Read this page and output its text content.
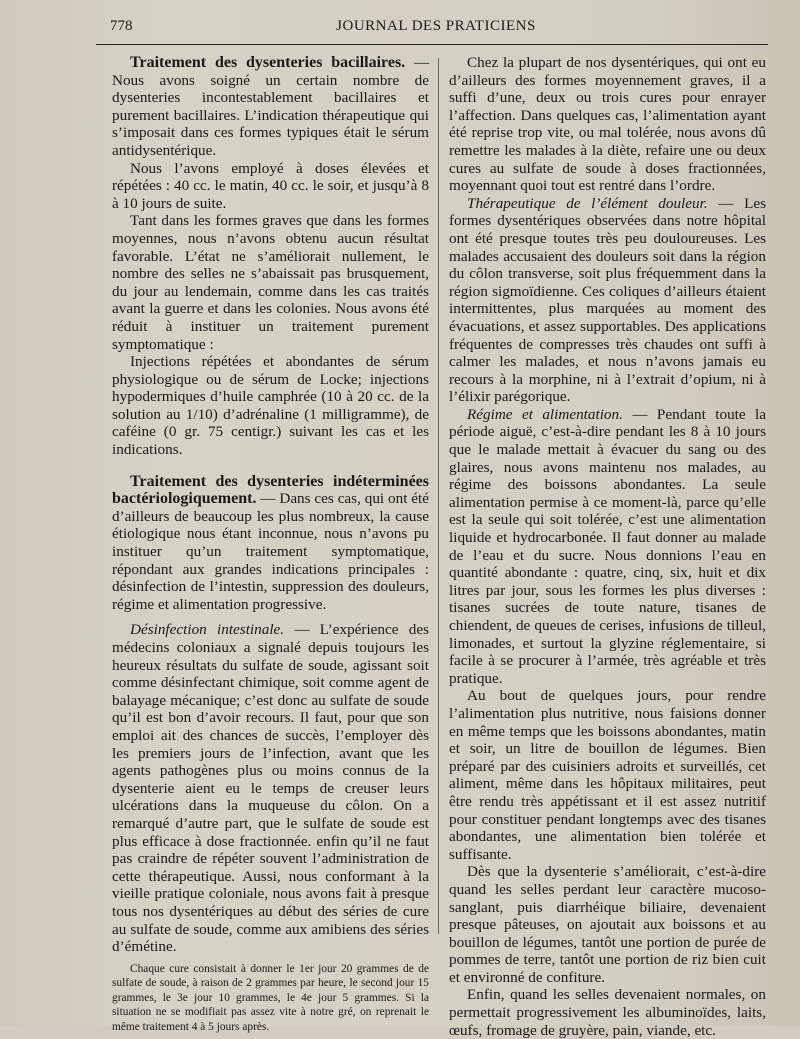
778	JOURNAL DES PRATICIENS

Traitement des dysenteries bacillaires. — Nous avons soigné un certain nombre de dysenteries incontestablement bacillaires et purement bacillaires. L’indication thérapeutique qui s’imposait dans ces formes typiques était le sérum antidysentérique.

Nous l’avons employé à doses élevées et répétées : 40 cc. le matin, 40 cc. le soir, et jusqu’à 8 à 10 jours de suite.

Tant dans les formes graves que dans les formes moyennes, nous n’avons obtenu aucun résultat favorable. L’état ne s’améliorait nullement, le nombre des selles ne s’abaissait pas brusquement, du jour au lendemain, comme dans les cas traités avant la guerre et dans les colonies. Nous avons été réduit à instituer un traitement purement symptomatique :

Injections répétées et abondantes de sérum physiologique ou de sérum de Locke; injections hypodermiques d’huile camphrée (10 à 20 cc. de la solution au 1/10) d’adrénaline (1 milligramme), de caféine (0 gr. 75 centigr.) suivant les cas et les indications.

Traitement des dysenteries indéterminées bactériologiquement. — Dans ces cas, qui ont été d’ailleurs de beaucoup les plus nombreux, la cause étiologique nous étant inconnue, nous n’avons pu instituer qu’un traitement symptomatique, répondant aux grandes indications principales : désinfection de l’intestin, suppression des douleurs, régime et alimentation progressive.

Désinfection intestinale. — L’expérience des médecins coloniaux a signalé depuis toujours les heureux résultats du sulfate de soude, agissant soit comme désinfectant chimique, soit comme agent de balayage mécanique; c’est donc au sulfate de soude qu’il est bon d’avoir recours. Il faut, pour que son emploi ait des chances de succès, l’employer dès les premiers jours de l’infection, avant que les agents pathogènes plus ou moins connus de la dysenterie aient eu le temps de creuser leurs ulcérations dans la muqueuse du côlon. On a remarqué d’autre part, que le sulfate de soude est plus efficace à dose fractionnée. enfin qu’il ne faut pas craindre de répéter souvent l’administration de cette thérapeutique. Aussi, nous conformant à la vieille pratique coloniale, nous avons fait à presque tous nos dysentériques au début des séries de cure au sulfate de soude, comme aux amibiens des séries d’émétine.

Chaque cure consistait à donner le 1er jour 20 grammes de de sulfate de soude, à raison de 2 grammes par heure, le second jour 15 grammes, le 3e jour 10 grammes, le 4e jour 5 grammes. Si la situation ne se modifiait pas assez vite à notre gré, on reprenait le même traitement 4 à 5 jours après.

Chez la plupart de nos dysentériques, qui ont eu d’ailleurs des formes moyennement graves, il a suffi d’une, deux ou trois cures pour enrayer l’affection. Dans quelques cas, l’alimentation ayant été reprise trop vite, ou mal tolérée, nous avons dû remettre les malades à la diète, refaire une ou deux cures au sulfate de soude à doses fractionnées, moyennant quoi tout est rentré dans l’ordre.

Thérapeutique de l’élément douleur. — Les formes dysentériques observées dans notre hôpital ont été presque toutes très peu douloureuses. Les malades accusaient des douleurs soit dans la région du côlon transverse, soit plus fréquemment dans la région sigmoïdienne. Ces coliques d’ailleurs étaient intermittentes, plus marquées au moment des évacuations, et assez supportables. Des applications fréquentes de compresses très chaudes ont suffi à calmer les malades, et nous n’avons jamais eu recours à la morphine, ni à l’extrait d’opium, ni à l’élixir parégorique.

Régime et alimentation. — Pendant toute la période aiguë, c’est-à-dire pendant les 8 à 10 jours que le malade mettait à évacuer du sang ou des glaires, nous avons maintenu nos malades, au régime des boissons abondantes. La seule alimentation permise à ce moment-là, parce qu’elle est la seule qui soit tolérée, c’est une alimentation liquide et hydrocarbonée. Il faut donner au malade de l’eau et du sucre. Nous donnions l’eau en quantité abondante : quatre, cinq, six, huit et dix litres par jour, sous les formes les plus diverses : tisanes sucrées de toute nature, tisanes de chiendent, de queues de cerises, infusions de tilleul, limonades, et surtout la glyzine réglementaire, si facile à se procurer à l’armée, très agréable et très pratique.

Au bout de quelques jours, pour rendre l’alimentation plus nutritive, nous faisions donner en même temps que les boissons abondantes, matin et soir, un litre de bouillon de légumes. Bien préparé par des cuisiniers adroits et surveillés, cet aliment, même dans les hôpitaux militaires, peut être rendu très appétissant et il est assez nutritif pour constituer pendant longtemps avec des tisanes abondantes, une alimentation bien tolérée et suffisante.

Dès que la dysenterie s’améliorait, c’est-à-dire quand les selles perdant leur caractère mucoso-sanglant, puis diarrhéique biliaire, devenaient presque pâteuses, on ajoutait aux boissons et au bouillon de légumes, tantôt une portion de purée de pommes de terre, tantôt une portion de riz bien cuit et environné de confiture.

Enfin, quand les selles devenaient normales, on permettait progressivement les albuminoïdes, laits, œufs, fromage de gruyère, pain, viande, etc.
